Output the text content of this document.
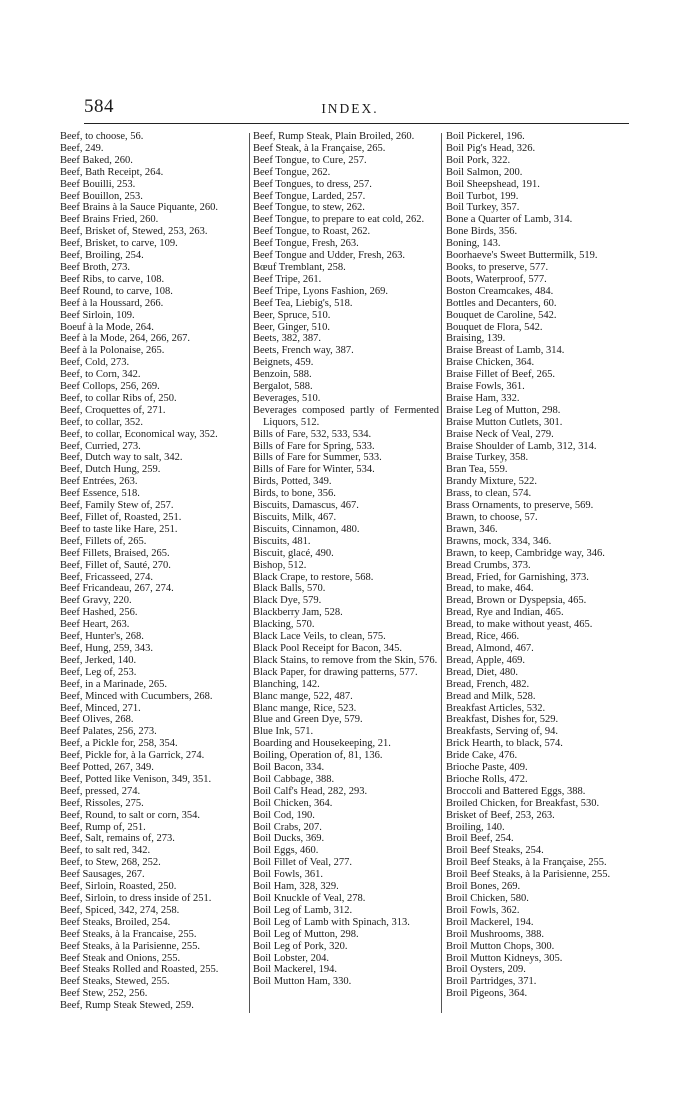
584	INDEX.

Beef, to choose, 56.

Beef, 249.

Beef Baked, 260.

Beef, Bath Receipt, 264.

Beef Bouilli, 253.

Beef Bouillon, 253.

Beef Brains à la Sauce Piquante, 260.

Beef Brains Fried, 260.

Beef, Brisket of, Stewed, 253, 263.

Beef, Brisket, to carve, 109.

Beef, Broiling, 254.

Beef Broth, 273.

Beef Ribs, to carve, 108.

Beef Round, to carve, 108.

Beef à la Houssard, 266.

Beef Sirloin, 109.

Boeuf à la Mode, 264.

Beef à la Mode, 264, 266, 267.

Beef à la Polonaise, 265.

Beef, Cold, 273.

Beef, to Corn, 342.

Beef Collops, 256, 269.

Beef, to collar Ribs of, 250.

Beef, Croquettes of, 271.

Beef, to collar, 352.

Beef, to collar, Economical way, 352.

Beef, Curried, 273.

Beef, Dutch way to salt, 342.

Beef, Dutch Hung, 259.

Beef Entrées, 263.

Beef Essence, 518.

Beef, Family Stew of, 257.

Beef, Fillet of, Roasted, 251.

Beef to taste like Hare, 251.

Beef, Fillets of, 265.

Beef Fillets, Braised, 265.

Beef, Fillet of, Sauté, 270.

Beef, Fricasseed, 274.

Beef Fricandeau, 267, 274.

Beef Gravy, 220.

Beef Hashed, 256.

Beef Heart, 263.

Beef, Hunter's, 268.

Beef, Hung, 259, 343.

Beef, Jerked, 140.

Beef, Leg of, 253.

Beef, in a Marinade, 265.

Beef, Minced with Cucumbers, 268.

Beef, Minced, 271.

Beef Olives, 268.

Beef Palates, 256, 273.

Beef, a Pickle for, 258, 354.

Beef, Pickle for, à la Garrick, 274.

Beef Potted, 267, 349.

Beef, Potted like Venison, 349, 351.

Beef, pressed, 274.

Beef, Rissoles, 275.

Beef, Round, to salt or corn, 354.

Beef, Rump of, 251.

Beef, Salt, remains of, 273.

Beef, to salt red, 342.

Beef, to Stew, 268, 252.

Beef Sausages, 267.

Beef, Sirloin, Roasted, 250.

Beef, Sirloin, to dress inside of 251.

Beef, Spiced, 342, 274, 258.

Beef Steaks, Broiled, 254.

Beef Steaks, à la Francaise, 255.

Beef Steaks, à la Parisienne, 255.

Beef Steak and Onions, 255.

Beef Steaks Rolled and Roasted, 255.

Beef Steaks, Stewed, 255.

Beef Stew, 252, 256.

Beef, Rump Steak Stewed, 259.

Beef, Rump Steak, Plain Broiled, 260.

Beef Steak, à la Française, 265.

Beef Tongue, to Cure, 257.

Beef Tongue, 262.

Beef Tongues, to dress, 257.

Beef Tongue, Larded, 257.

Beef Tongue, to stew, 262.

Beef Tongue, to prepare to eat cold, 262.

Beef Tongue, to Roast, 262.

Beef Tongue, Fresh, 263.

Beef Tongue and Udder, Fresh, 263.

Bœuf Tremblant, 258.

Beef Tripe, 261.

Beef Tripe, Lyons Fashion, 269.

Beef Tea, Liebig's, 518.

Beer, Spruce, 510.

Beer, Ginger, 510.

Beets, 382, 387.

Beets, French way, 387.

Beignets, 459.

Benzoin, 588.

Bergalot, 588.

Beverages, 510.

Beverages composed partly of Fermented Liquors, 512.

Bills of Fare, 532, 533, 534.

Bills of Fare for Spring, 533.

Bills of Fare for Summer, 533.

Bills of Fare for Winter, 534.

Birds, Potted, 349.

Birds, to bone, 356.

Biscuits, Damascus, 467.

Biscuits, Milk, 467.

Biscuits, Cinnamon, 480.

Biscuits, 481.

Biscuit, glacé, 490.

Bishop, 512.

Black Crape, to restore, 568.

Black Balls, 570.

Black Dye, 579.

Blackberry Jam, 528.

Blacking, 570.

Black Lace Veils, to clean, 575.

Black Pool Receipt for Bacon, 345.

Black Stains, to remove from the Skin, 576.

Black Paper, for drawing patterns, 577.

Blanching, 142.

Blanc mange, 522, 487.

Blanc mange, Rice, 523.

Blue and Green Dye, 579.

Blue Ink, 571.

Boarding and Housekeeping, 21.

Boiling, Operation of, 81, 136.

Boil Bacon, 334.

Boil Cabbage, 388.

Boil Calf's Head, 282, 293.

Boil Chicken, 364.

Boil Cod, 190.

Boil Crabs, 207.

Boil Ducks, 369.

Boil Eggs, 460.

Boil Fillet of Veal, 277.

Boil Fowls, 361.

Boil Ham, 328, 329.

Boil Knuckle of Veal, 278.

Boil Leg of Lamb, 312.

Boil Leg of Lamb with Spinach, 313.

Boil Leg of Mutton, 298.

Boil Leg of Pork, 320.

Boil Lobster, 204.

Boil Mackerel, 194.

Boil Mutton Ham, 330.

Boil Pickerel, 196.

Boil Pig's Head, 326.

Boil Pork, 322.

Boil Salmon, 200.

Boil Sheepshead, 191.

Boil Turbot, 199.

Boil Turkey, 357.

Bone a Quarter of Lamb, 314.

Bone Birds, 356.

Boning, 143.

Boorhaeve's Sweet Buttermilk, 519.

Books, to preserve, 577.

Boots, Waterproof, 577.

Boston Creamcakes, 484.

Bottles and Decanters, 60.

Bouquet de Caroline, 542.

Bouquet de Flora, 542.

Braising, 139.

Braise Breast of Lamb, 314.

Braise Chicken, 364.

Braise Fillet of Beef, 265.

Braise Fowls, 361.

Braise Ham, 332.

Braise Leg of Mutton, 298.

Braise Mutton Cutlets, 301.

Braise Neck of Veal, 279.

Braise Shoulder of Lamb, 312, 314.

Braise Turkey, 358.

Bran Tea, 559.

Brandy Mixture, 522.

Brass, to clean, 574.

Brass Ornaments, to preserve, 569.

Brawn, to choose, 57.

Brawn, 346.

Brawns, mock, 334, 346.

Brawn, to keep, Cambridge way, 346.

Bread Crumbs, 373.

Bread, Fried, for Garnishing, 373.

Bread, to make, 464.

Bread, Brown or Dyspepsia, 465.

Bread, Rye and Indian, 465.

Bread, to make without yeast, 465.

Bread, Rice, 466.

Bread, Almond, 467.

Bread, Apple, 469.

Bread, Diet, 480.

Bread, French, 482.

Bread and Milk, 528.

Breakfast Articles, 532.

Breakfast, Dishes for, 529.

Breakfasts, Serving of, 94.

Brick Hearth, to black, 574.

Bride Cake, 476.

Brioche Paste, 409.

Brioche Rolls, 472.

Broccoli and Battered Eggs, 388.

Broiled Chicken, for Breakfast, 530.

Brisket of Beef, 253, 263.

Broiling, 140.

Broil Beef, 254.

Broil Beef Steaks, 254.

Broil Beef Steaks, à la Française, 255.

Broil Beef Steaks, à la Parisienne, 255.

Broil Bones, 269.

Broil Chicken, 580.

Broil Fowls, 362.

Broil Mackerel, 194.

Broil Mushrooms, 388.

Broil Mutton Chops, 300.

Broil Mutton Kidneys, 305.

Broil Oysters, 209.

Broil Partridges, 371.

Broil Pigeons, 364.
